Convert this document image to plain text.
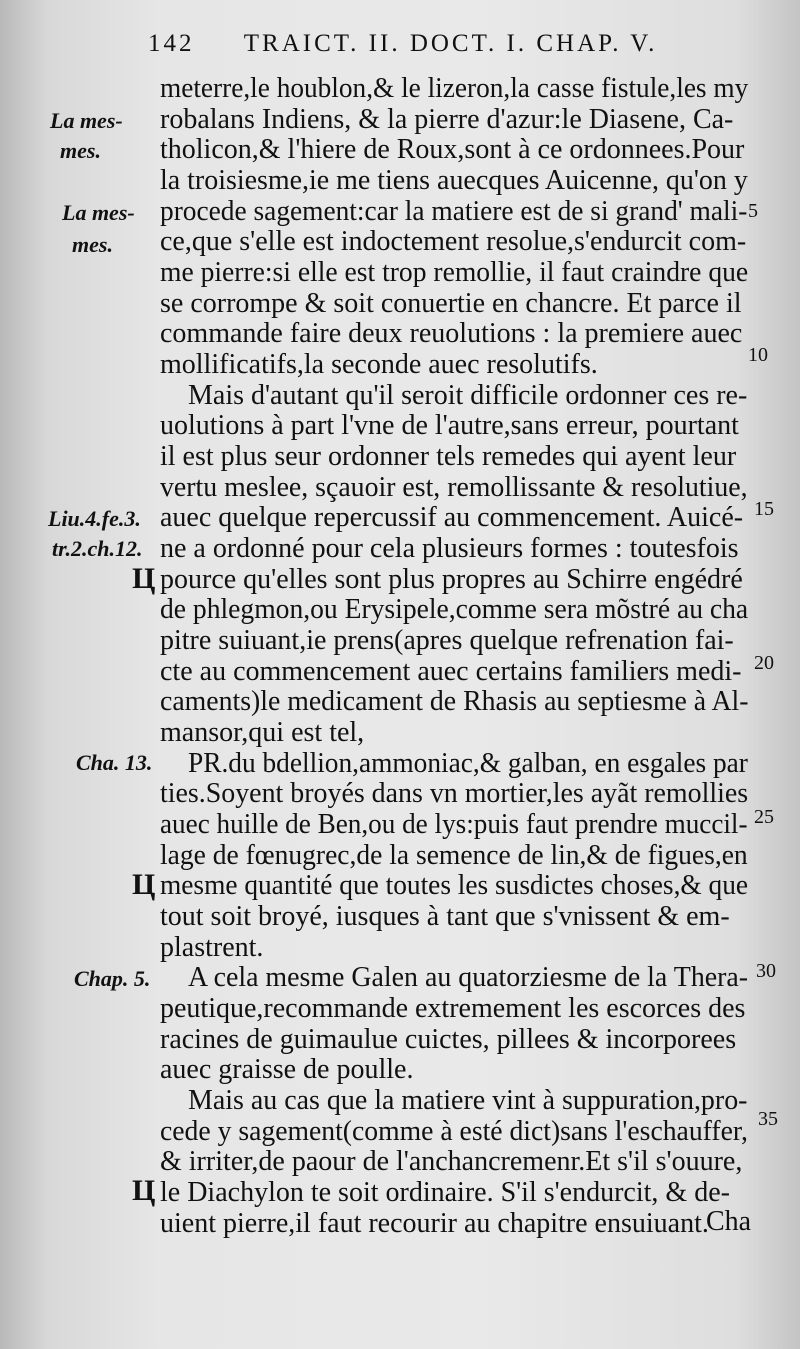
142 TRAICT. II. DOCT. I. CHAP. V.
meterre,le houblon,& le lizeron,la casse fistule,les my
robalans Indiens, & la pierre d'azur:le Diasene, Ca-
tholicon,& l'hiere de Roux,sont à ce ordonnees.Pour
la troisiesme,ie me tiens auecques Auicenne, qu'on y
procede sagement:car la matiere est de si grand' mali-
ce,que s'elle est indoctement resolue,s'endurcit com-
me pierre:si elle est trop remollie, il faut craindre que
se corrompe & soit conuertie en chancre. Et parce il
commande faire deux reuolutions : la premiere auec
mollificatifs,la seconde auec resolutifs.
Mais d'autant qu'il seroit difficile ordonner ces re-
uolutions à part l'vne de l'autre,sans erreur, pourtant
il est plus seur ordonner tels remedes qui ayent leur
vertu meslee, sçauoir est, remollissante & resolutiue,
auec quelque repercussif au commencement. Auicé-
ne a ordonné pour cela plusieurs formes : toutesfois
pource qu'elles sont plus propres au Schirre engédré
de phlegmon,ou Erysipele,comme sera mõstré au cha
pitre suiuant,ie prens(apres quelque refrenation fai-
cte au commencement auec certains familiers medi-
caments)le medicament de Rhasis au septiesme à Al-
mansor,qui est tel,
PR.du bdellion,ammoniac,& galban, en esgales par
ties.Soyent broyés dans vn mortier,les ayãt remollies
auec huille de Ben,ou de lys:puis faut prendre muccil-
lage de fœnugrec,de la semence de lin,& de figues,en
mesme quantité que toutes les susdictes choses,& que
tout soit broyé, iusques à tant que s'vnissent & em-
plastrent.
A cela mesme Galen au quatorziesme de la Thera-
peutique,recommande extremement les escorces des
racines de guimaulue cuictes, pillees & incorporees
auec graisse de poulle.
Mais au cas que la matiere vint à suppuration,pro-
cede y sagement(comme à esté dict)sans l'eschauffer,
& irriter,de paour de l'anchancremenr.Et s'il s'ouure,
le Diachylon te soit ordinaire. S'il s'endurcit, & de-
uient pierre,il faut recourir au chapitre ensuiuant.
5
10
15
20
25
30
35
La mes-
mes.
La mes-
mes.
Liu.4.fe.3.
tr.2.ch.12.
Cha. 13.
Chap. 5.
Ц
Ц
Ц
Cha
